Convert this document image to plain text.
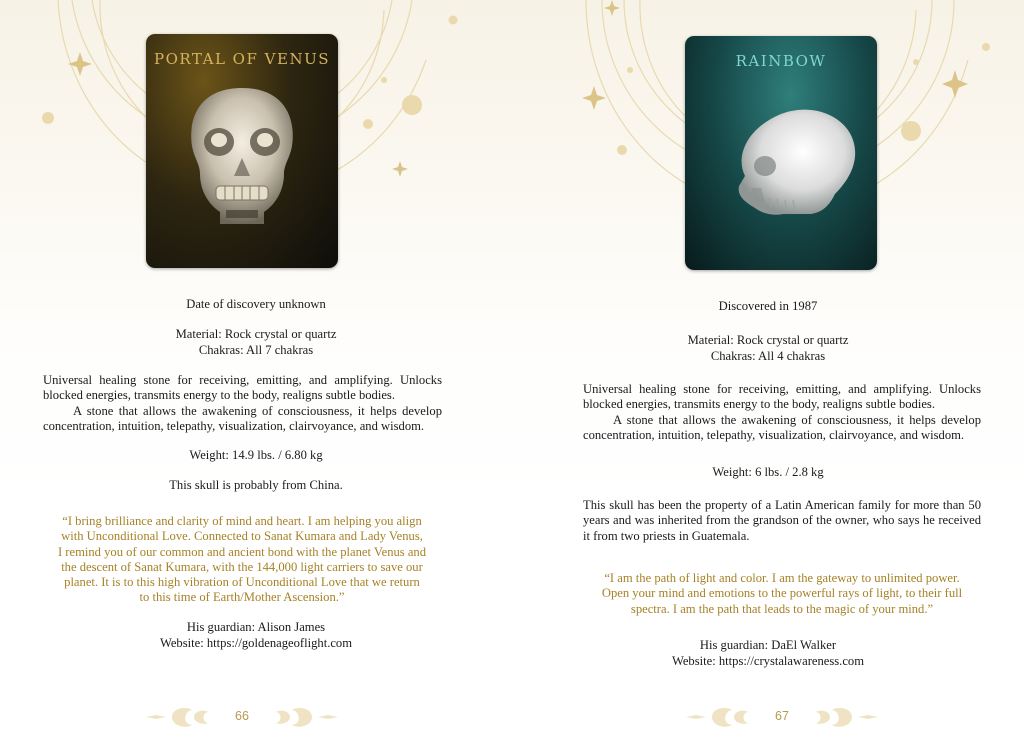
PORTAL OF VENUS
Date of discovery unknown
Material: Rock crystal or quartz
Chakras: All 7 chakras

Universal healing stone for receiving, emitting, and amplifying. Unlocks blocked energies, transmits energy to the body, realigns subtle bodies.

A stone that allows the awakening of consciousness, it helps develop concentration, intuition, telepathy, visualization, clairvoyance, and wisdom.

Weight: 14.9 lbs. / 6.80 kg
This skull is probably from China.
“I bring brilliance and clarity of mind and heart. I am helping you align
with Unconditional Love. Connected to Sanat Kumara and Lady Venus,
I remind you of our common and ancient bond with the planet Venus and
the descent of Sanat Kumara, with the 144,000 light carriers to save our
planet. It is to this high vibration of Unconditional Love that we return
to this time of Earth/Mother Ascension.”
His guardian: Alison James
Website: https://goldenageoflight.com
66
RAINBOW
Discovered in 1987
Material: Rock crystal or quartz
Chakras: All 4 chakras

Universal healing stone for receiving, emitting, and amplifying. Unlocks blocked energies, transmits energy to the body, realigns subtle bodies.

A stone that allows the awakening of consciousness, it helps develop concentration, intuition, telepathy, visualization, clairvoyance, and wisdom.

Weight: 6 lbs. / 2.8 kg
This skull has been the property of a Latin American family for more than 50 years and was inherited from the grandson of the owner, who says he received it from two priests in Guatemala.
“I am the path of light and color. I am the gateway to unlimited power.
Open your mind and emotions to the powerful rays of light, to their full
spectra. I am the path that leads to the magic of your mind.”
His guardian: DaEl Walker
Website: https://crystalawareness.com
67
